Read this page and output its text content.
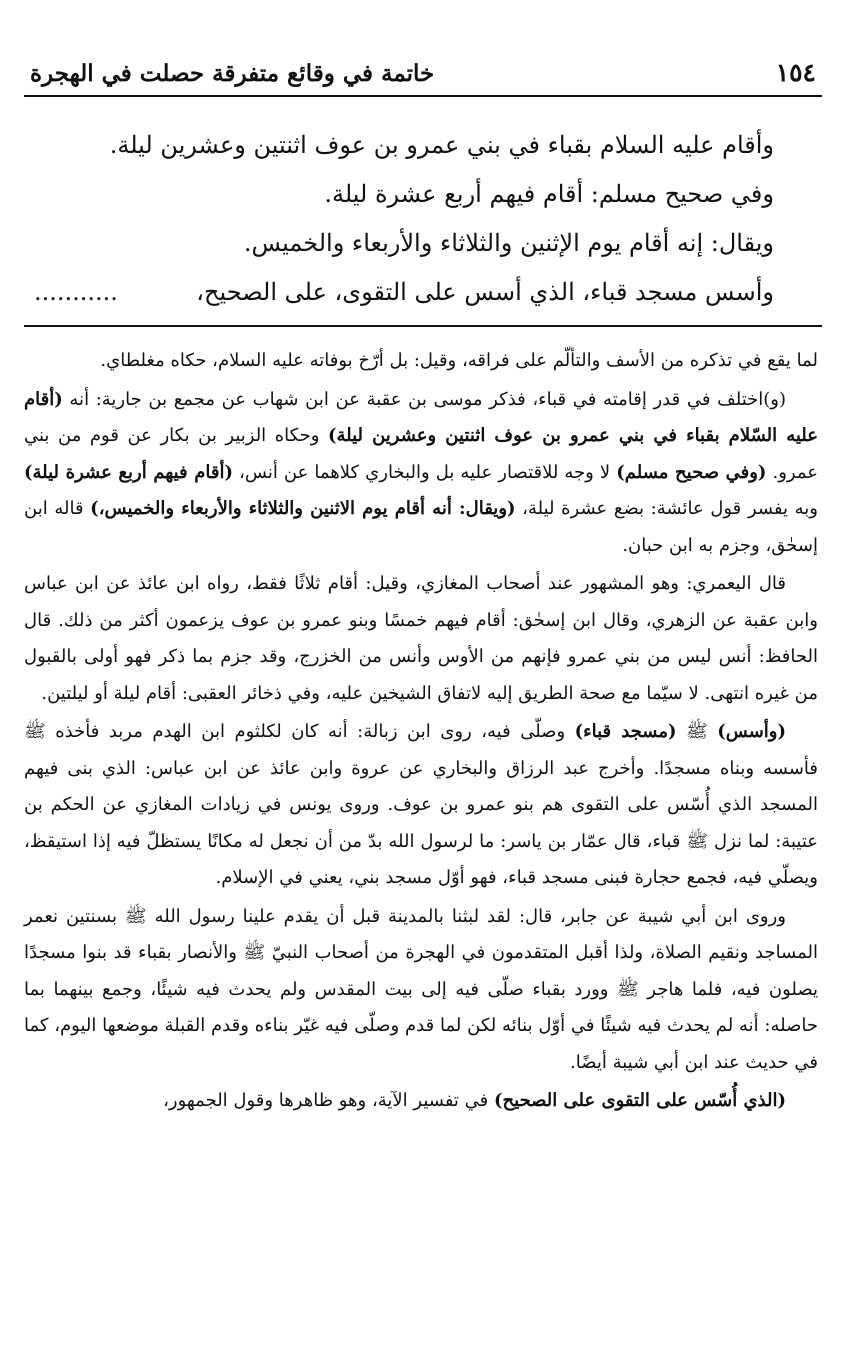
١٥٤
خاتمة في وقائع متفرقة حصلت في الهجرة

وأقام عليه السلام بقباء في بني عمرو بن عوف اثنتين وعشرين ليلة.

وفي صحيح مسلم: أقام فيهم أربع عشرة ليلة.

ويقال: إنه أقام يوم الإثنين والثلاثاء والأربعاء والخميس.

وأسس مسجد قباء، الذي أسس على التقوى، على الصحيح،
...........

لما يقع في تذكره من الأسف والتألّم على فراقه، وقيل: بل أرّخ بوفاته عليه السلام، حكاه مغلطاي.

(و)اختلف في قدر إقامته في قباء، فذكر موسى بن عقبة عن ابن شهاب عن مجمع بن جارية: أنه (أقام عليه السّلام بقباء في بني عمرو بن عوف اثنتين وعشرين ليلة) وحكاه الزبير بن بكار عن قوم من بني عمرو. (وفي صحيح مسلم) لا وجه للاقتصار عليه بل والبخاري كلاهما عن أنس، (أقام فيهم أربع عشرة ليلة) وبه يفسر قول عائشة: بضع عشرة ليلة، (ويقال: أنه أقام يوم الاثنين والثلاثاء والأربعاء والخميس،) قاله ابن إسحٰق، وجزم به ابن حبان.

قال اليعمري: وهو المشهور عند أصحاب المغازي، وقيل: أقام ثلاثًا فقط، رواه ابن عائذ عن ابن عباس وابن عقبة عن الزهري، وقال ابن إسحٰق: أقام فيهم خمسًا وبنو عمرو بن عوف يزعمون أكثر من ذلك. قال الحافظ: أنس ليس من بني عمرو فإنهم من الأوس وأنس من الخزرج، وقد جزم بما ذكر فهو أولى بالقبول من غيره انتهى. لا سيّما مع صحة الطريق إليه لاتفاق الشيخين عليه، وفي ذخائر العقبى: أقام ليلة أو ليلتين.

(وأسس) ﷺ (مسجد قباء) وصلّى فيه، روى ابن زبالة: أنه كان لكلثوم ابن الهدم مربد فأخذه ﷺ فأسسه وبناه مسجدًا. وأخرج عبد الرزاق والبخاري عن عروة وابن عائذ عن ابن عباس: الذي بنى فيهم المسجد الذي أُسّس على التقوى هم بنو عمرو بن عوف. وروى يونس في زيادات المغازي عن الحكم بن عتيبة: لما نزل ﷺ قباء، قال عمّار بن ياسر: ما لرسول الله بدّ من أن نجعل له مكانًا يستظلّ فيه إذا استيقظ، ويصلّي فيه، فجمع حجارة فبنى مسجد قباء، فهو أوّل مسجد بني، يعني في الإسلام.

وروى ابن أبي شيبة عن جابر، قال: لقد لبثنا بالمدينة قبل أن يقدم علينا رسول الله ﷺ بسنتين نعمر المساجد ونقيم الصلاة، ولذا أقبل المتقدمون في الهجرة من أصحاب النبيّ ﷺ والأنصار بقباء قد بنوا مسجدًا يصلون فيه، فلما هاجر ﷺ وورد بقباء صلّى فيه إلى بيت المقدس ولم يحدث فيه شيئًا، وجمع بينهما بما حاصله: أنه لم يحدث فيه شيئًا في أوّل بنائه لكن لما قدم وصلّى فيه غيّر بناءه وقدم القبلة موضعها اليوم، كما في حديث عند ابن أبي شيبة أيضًا.

(الذي أُسّس على التقوى على الصحيح) في تفسير الآية، وهو ظاهرها وقول الجمهور،
